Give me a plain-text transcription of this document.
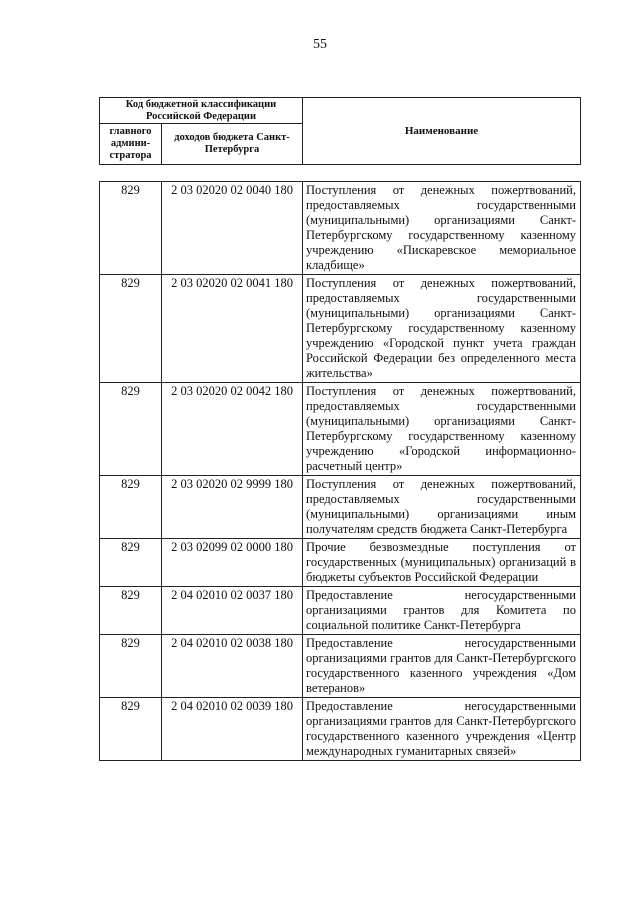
55
Код бюджетной классификации Российской Федерации		Наименование
главного админи-стратора	доходов бюджета Санкт-Петербурга	
829	2 03 02020 02 0040 180	Поступления от денежных пожертвований, предоставляемых государственными (муниципальными) организациями Санкт-Петербургскому государственному казенному учреждению «Пискаревское мемориальное кладбище»
829	2 03 02020 02 0041 180	Поступления от денежных пожертвований, предоставляемых государственными (муниципальными) организациями Санкт-Петербургскому государственному казенному учреждению «Городской пункт учета граждан Российской Федерации без определенного места жительства»
829	2 03 02020 02 0042 180	Поступления от денежных пожертвований, предоставляемых государственными (муниципальными) организациями Санкт-Петербургскому государственному казенному учреждению «Городской информационно-расчетный центр»
829	2 03 02020 02 9999 180	Поступления от денежных пожертвований, предоставляемых государственными (муниципальными) организациями иным получателям средств бюджета Санкт-Петербурга
829	2 03 02099 02 0000 180	Прочие безвозмездные поступления от государственных (муниципальных) организаций в бюджеты субъектов Российской Федерации
829	2 04 02010 02 0037 180	Предоставление негосударственными организациями грантов для Комитета по социальной политике Санкт-Петербурга
829	2 04 02010 02 0038 180	Предоставление негосударственными организациями грантов для Санкт-Петербургского государственного казенного учреждения «Дом ветеранов»
829	2 04 02010 02 0039 180	Предоставление негосударственными организациями грантов для Санкт-Петербургского государственного казенного учреждения «Центр международных гуманитарных связей»
